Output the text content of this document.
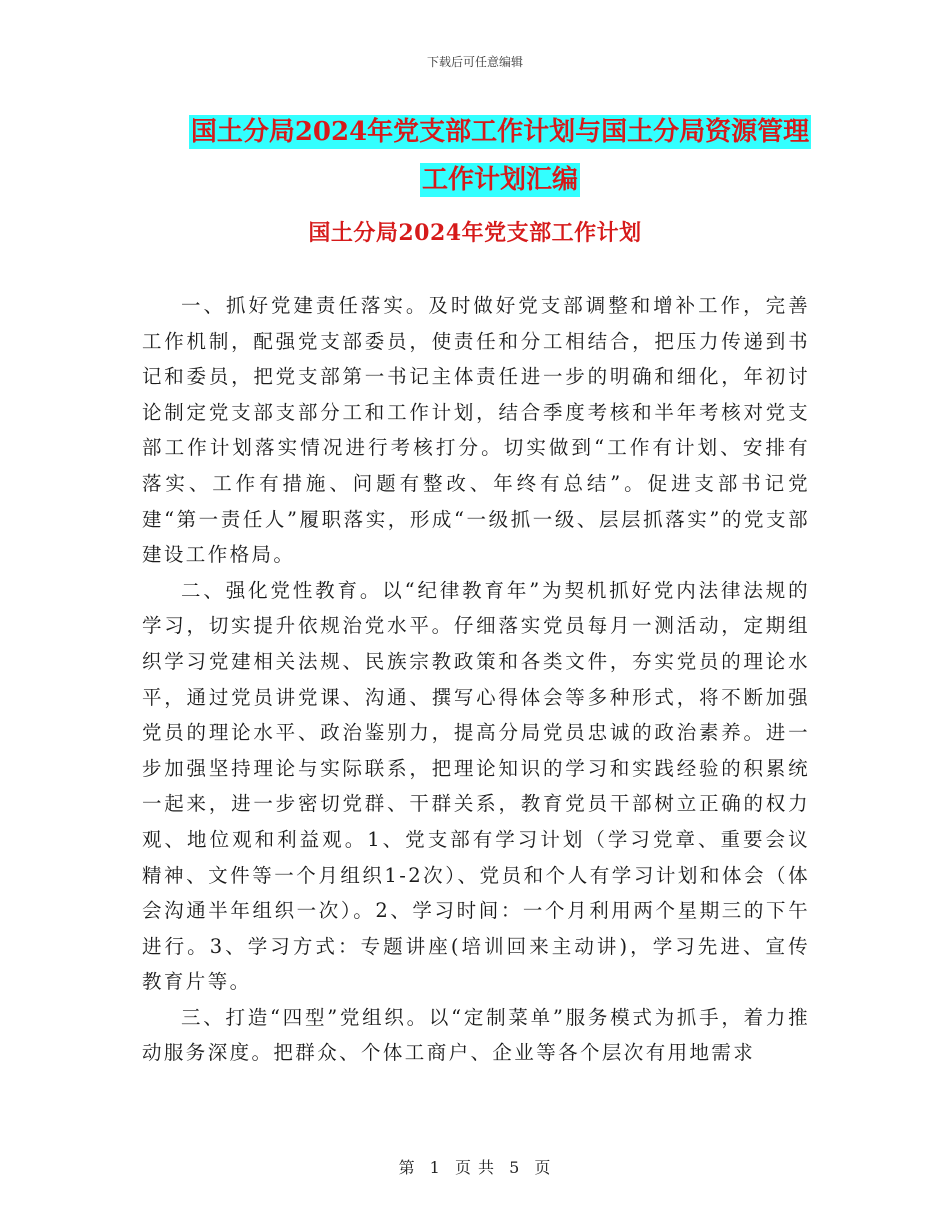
下载后可任意编辑
国土分局2024年党支部工作计划与国土分局资源管理
工作计划汇编
国土分局2024年党支部工作计划

一、抓好党建责任落实。及时做好党支部调整和增补工作，完善工作机制，配强党支部委员，使责任和分工相结合，把压力传递到书记和委员，把党支部第一书记主体责任进一步的明确和细化，年初讨论制定党支部支部分工和工作计划，结合季度考核和半年考核对党支部工作计划落实情况进行考核打分。切实做到“工作有计划、安排有落实、工作有措施、问题有整改、年终有总结”。促进支部书记党建“第一责任人”履职落实，形成“一级抓一级、层层抓落实”的党支部建设工作格局。

二、强化党性教育。以“纪律教育年”为契机抓好党内法律法规的学习，切实提升依规治党水平。仔细落实党员每月一测活动，定期组织学习党建相关法规、民族宗教政策和各类文件，夯实党员的理论水平，通过党员讲党课、沟通、撰写心得体会等多种形式，将不断加强党员的理论水平、政治鉴别力，提高分局党员忠诚的政治素养。进一步加强坚持理论与实际联系，把理论知识的学习和实践经验的积累统一起来，进一步密切党群、干群关系，教育党员干部树立正确的权力观、地位观和利益观。1、党支部有学习计划（学习党章、重要会议精神、文件等一个月组织1-2次）、党员和个人有学习计划和体会（体会沟通半年组织一次）。2、学习时间：一个月利用两个星期三的下午进行。3、学习方式：专题讲座(培训回来主动讲)，学习先进、宣传教育片等。

三、打造“四型”党组织。以“定制菜单”服务模式为抓手，着力推动服务深度。把群众、个体工商户、企业等各个层次有用地需求

第 1 页 共 5 页
